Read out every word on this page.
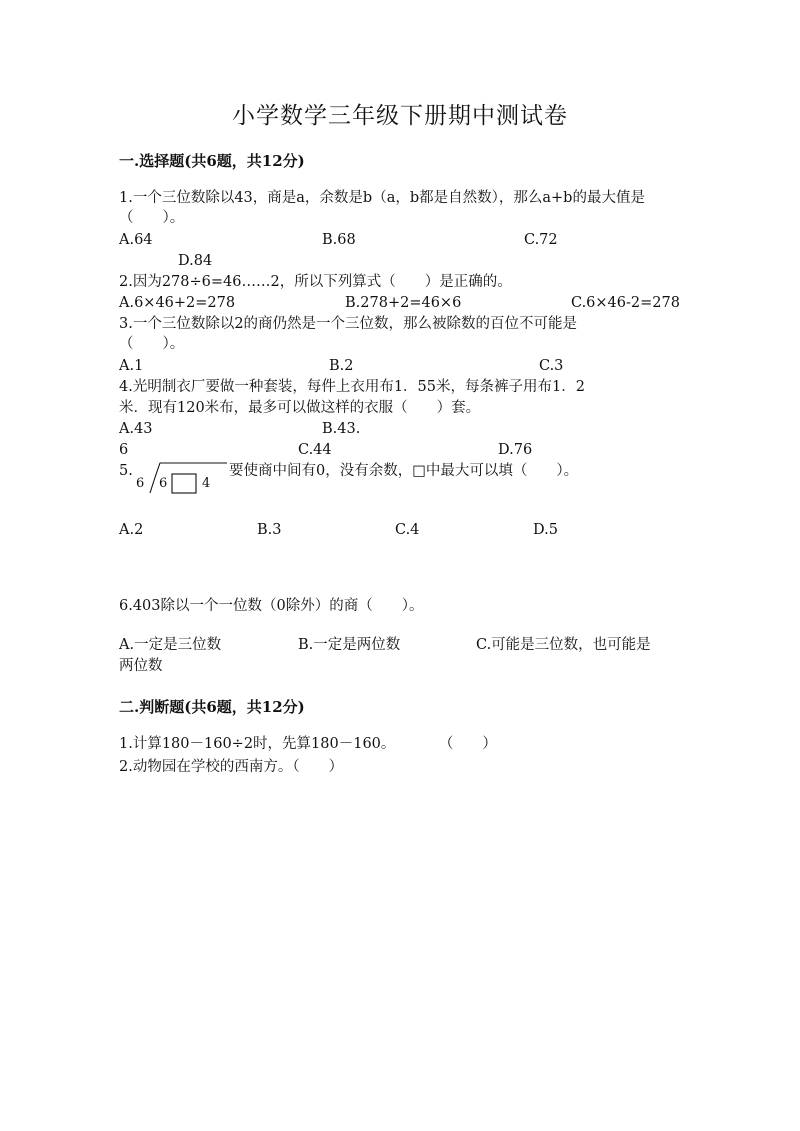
小学数学三年级下册期中测试卷
一.选择题(共6题，共12分)
1.一个三位数除以43，商是a，余数是b（a，b都是自然数），那么a+b的最大值是（　　）。
A.64	B.68	C.72
D.84
2.因为278÷6=46……2，所以下列算式（　　）是正确的。
A.6×46+2=278	B.278+2=46×6	C.6×46-2=278
3.一个三位数除以2的商仍然是一个三位数，那么被除数的百位不可能是（　　）。
A.1	B.2	C.3
4.光明制衣厂要做一种套装，每件上衣用布1．55米，每条裤子用布1．2
米．现有120米布，最多可以做这样的衣服（　　）套。
A.43	B.43.
6	C.44	D.76
5.
6 6	4
要使商中间有0，没有余数，□中最大可以填（　　）。
A.2	B.3	C.4	D.5
6.403除以一个一位数（0除外）的商（　　）。
A.一定是三位数	B.一定是两位数	C.可能是三位数，也可能是
两位数
二.判断题(共6题，共12分)
1.计算180－160÷2时，先算180－160。　　　　（　　）
2.动物园在学校的西南方。（　　）
